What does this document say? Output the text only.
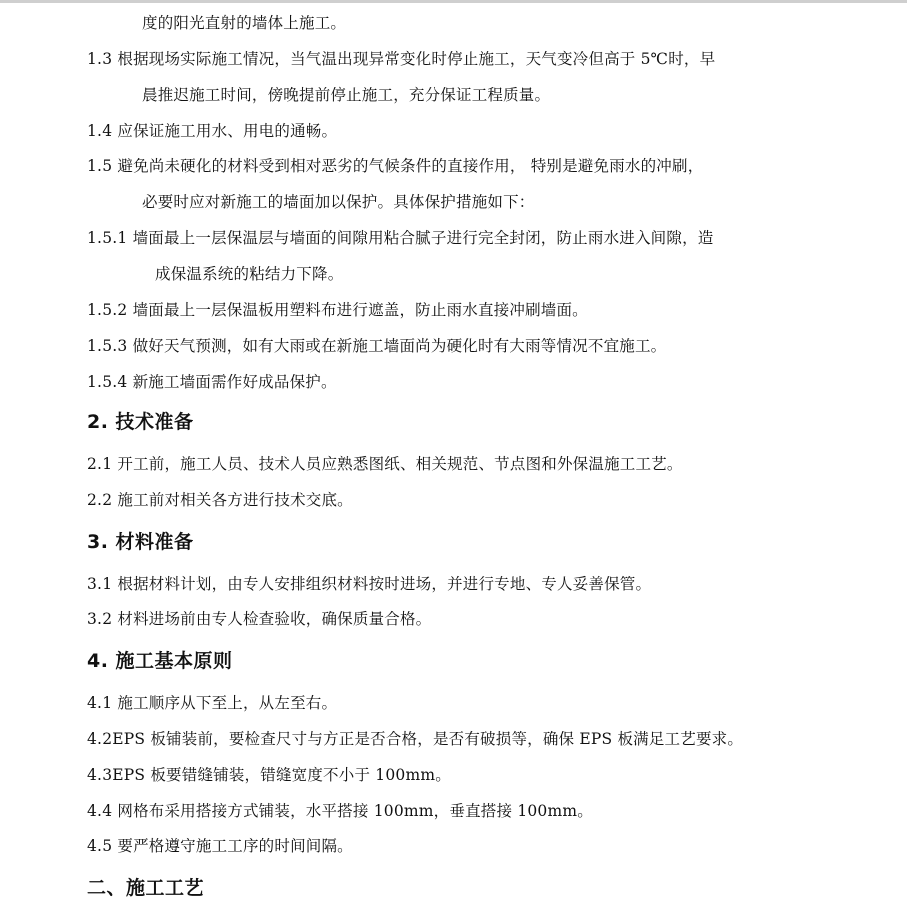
度的阳光直射的墙体上施工。
1.3 根据现场实际施工情况，当气温出现异常变化时停止施工，天气变冷但高于 5℃时，早
晨推迟施工时间，傍晚提前停止施工，充分保证工程质量。
1.4 应保证施工用水、用电的通畅。
1.5 避免尚未硬化的材料受到相对恶劣的气候条件的直接作用， 特别是避免雨水的冲刷，
必要时应对新施工的墙面加以保护。具体保护措施如下：
1.5.1 墙面最上一层保温层与墙面的间隙用粘合腻子进行完全封闭，防止雨水进入间隙，造
成保温系统的粘结力下降。
1.5.2 墙面最上一层保温板用塑料布进行遮盖，防止雨水直接冲刷墙面。
1.5.3 做好天气预测，如有大雨或在新施工墙面尚为硬化时有大雨等情况不宜施工。
1.5.4 新施工墙面需作好成品保护。
2. 技术准备
2.1 开工前，施工人员、技术人员应熟悉图纸、相关规范、节点图和外保温施工工艺。
2.2 施工前对相关各方进行技术交底。
3. 材料准备
3.1 根据材料计划，由专人安排组织材料按时进场，并进行专地、专人妥善保管。
3.2 材料进场前由专人检查验收，确保质量合格。
4. 施工基本原则
4.1 施工顺序从下至上，从左至右。
4.2EPS 板铺装前，要检查尺寸与方正是否合格，是否有破损等，确保 EPS 板满足工艺要求。
4.3EPS 板要错缝铺装，错缝宽度不小于 100mm。
4.4 网格布采用搭接方式铺装，水平搭接 100mm，垂直搭接 100mm。
4.5 要严格遵守施工工序的时间间隔。
二、施工工艺
